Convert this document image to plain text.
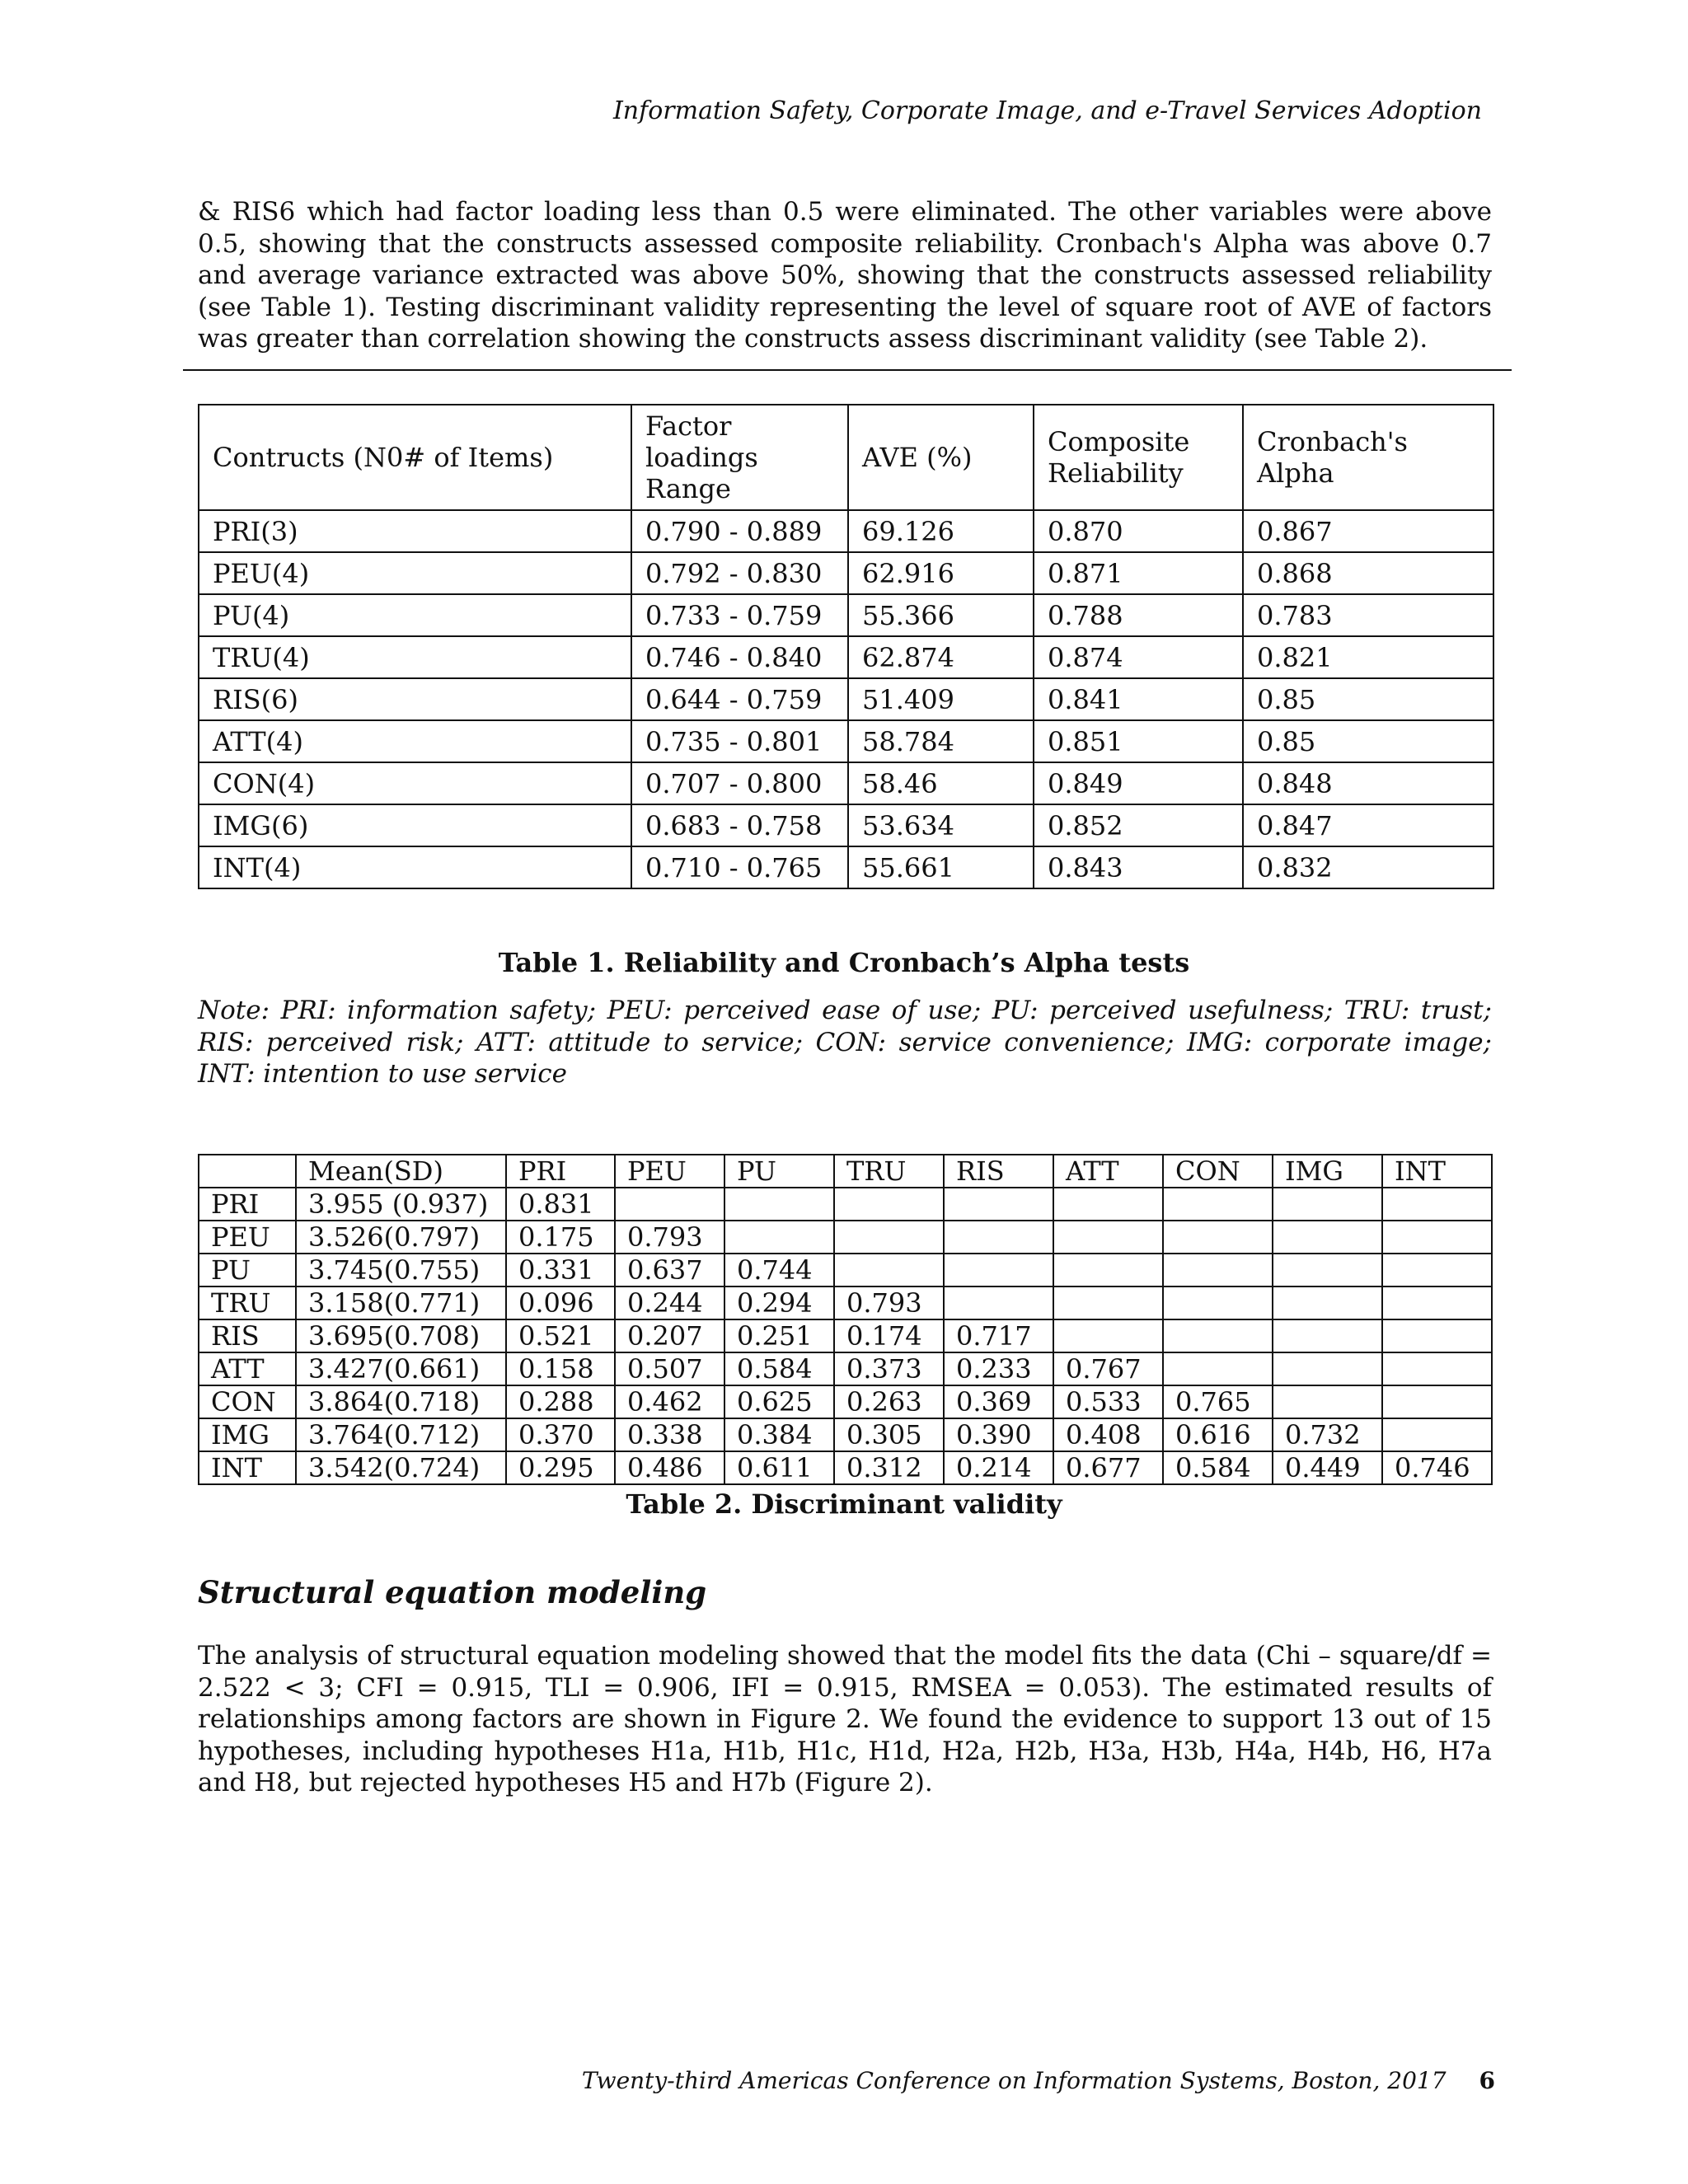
Information Safety, Corporate Image, and e-Travel Services Adoption

& RIS6 which had factor loading less than 0.5 were eliminated. The other variables were above 0.5, showing that the constructs assessed composite reliability. Cronbach's Alpha was above 0.7 and average variance extracted was above 50%, showing that the constructs assessed reliability (see Table 1). Testing discriminant validity representing the level of square root of AVE of factors was greater than correlation showing the constructs assess discriminant validity (see Table 2).

Contructs (N0# of Items)	Factor loadings Range	AVE (%)	Composite Reliability	Cronbach's Alpha
PRI(3)	0.790 - 0.889	69.126	0.870	0.867
PEU(4)	0.792 - 0.830	62.916	0.871	0.868
PU(4)	0.733 - 0.759	55.366	0.788	0.783
TRU(4)	0.746 - 0.840	62.874	0.874	0.821
RIS(6)	0.644 - 0.759	51.409	0.841	0.85
ATT(4)	0.735 - 0.801	58.784	0.851	0.85
CON(4)	0.707 - 0.800	58.46	0.849	0.848
IMG(6)	0.683 - 0.758	53.634	0.852	0.847
INT(4)	0.710 - 0.765	55.661	0.843	0.832
Table 1. Reliability and Cronbach’s Alpha tests

Note: PRI: information safety; PEU: perceived ease of use; PU: perceived usefulness; TRU: trust; RIS: perceived risk; ATT: attitude to service; CON: service convenience; IMG: corporate image; INT: intention to use service

	Mean(SD)	PRI	PEU	PU	TRU	RIS	ATT	CON	IMG	INT
PRI	3.955 (0.937)	0.831								
PEU	3.526(0.797)	0.175	0.793							
PU	3.745(0.755)	0.331	0.637	0.744						
TRU	3.158(0.771)	0.096	0.244	0.294	0.793					
RIS	3.695(0.708)	0.521	0.207	0.251	0.174	0.717				
ATT	3.427(0.661)	0.158	0.507	0.584	0.373	0.233	0.767			
CON	3.864(0.718)	0.288	0.462	0.625	0.263	0.369	0.533	0.765		
IMG	3.764(0.712)	0.370	0.338	0.384	0.305	0.390	0.408	0.616	0.732	
INT	3.542(0.724)	0.295	0.486	0.611	0.312	0.214	0.677	0.584	0.449	0.746
Table 2. Discriminant validity
Structural equation modeling

The analysis of structural equation modeling showed that the model fits the data (Chi – square/df = 2.522 < 3; CFI = 0.915, TLI = 0.906, IFI = 0.915, RMSEA = 0.053). The estimated results of relationships among factors are shown in Figure 2. We found the evidence to support 13 out of 15 hypotheses, including hypotheses H1a, H1b, H1c, H1d, H2a, H2b, H3a, H3b, H4a, H4b, H6, H7a and H8, but rejected hypotheses H5 and H7b (Figure 2).

Twenty-third Americas Conference on Information Systems, Boston, 2017 6
